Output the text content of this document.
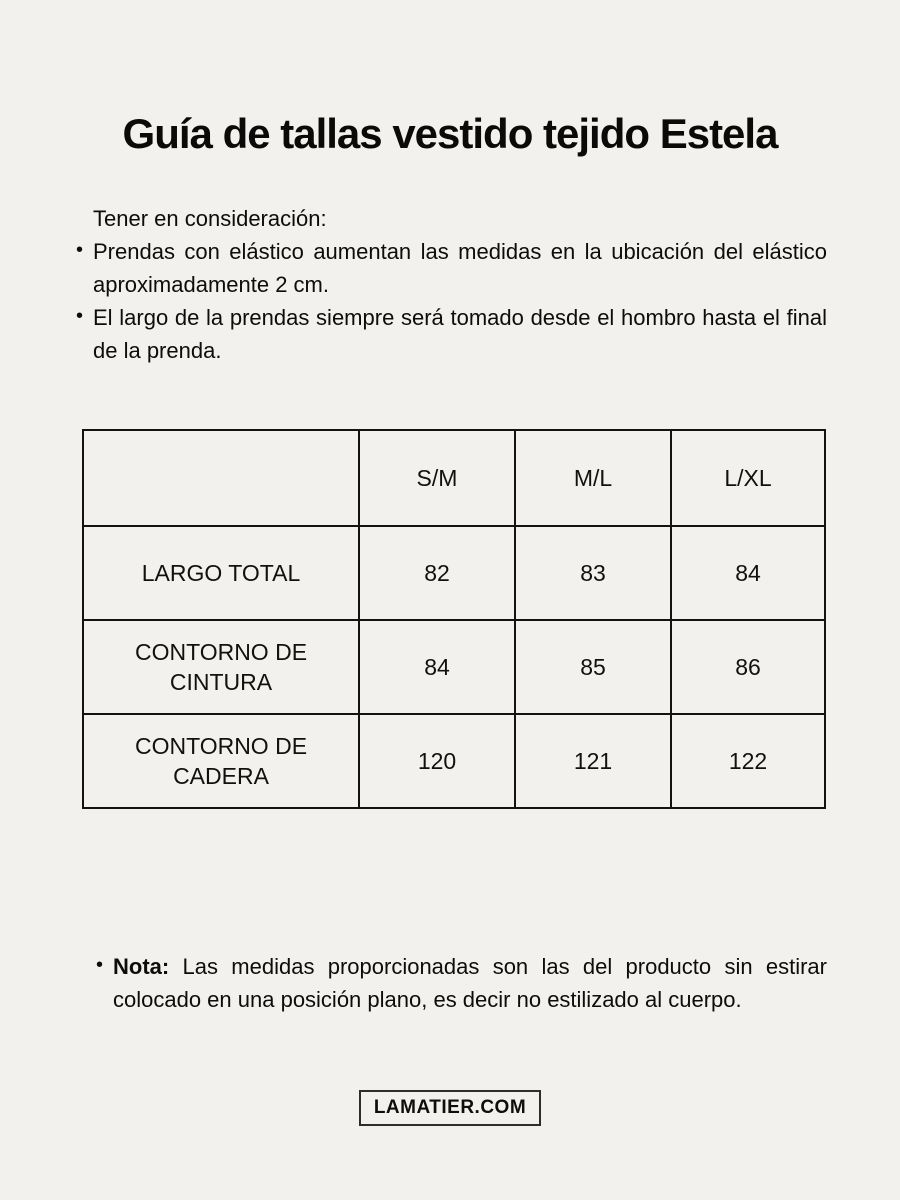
Guía de tallas vestido tejido Estela

Tener en consideración:

• Prendas con elástico aumentan las medidas en la ubicación del elástico aproximadamente 2 cm.
• El largo de la prendas siempre será tomado desde el hombro hasta el final de la prenda.
	S/M	M/L	L/XL
LARGO TOTAL	82	83	84
CONTORNO DE CINTURA	84	85	86
CONTORNO DE CADERA	120	121	122
• Nota: Las medidas proporcionadas son las del producto sin estirar colocado en una posición plano, es decir no estilizado al cuerpo.

LAMATIER.COM
